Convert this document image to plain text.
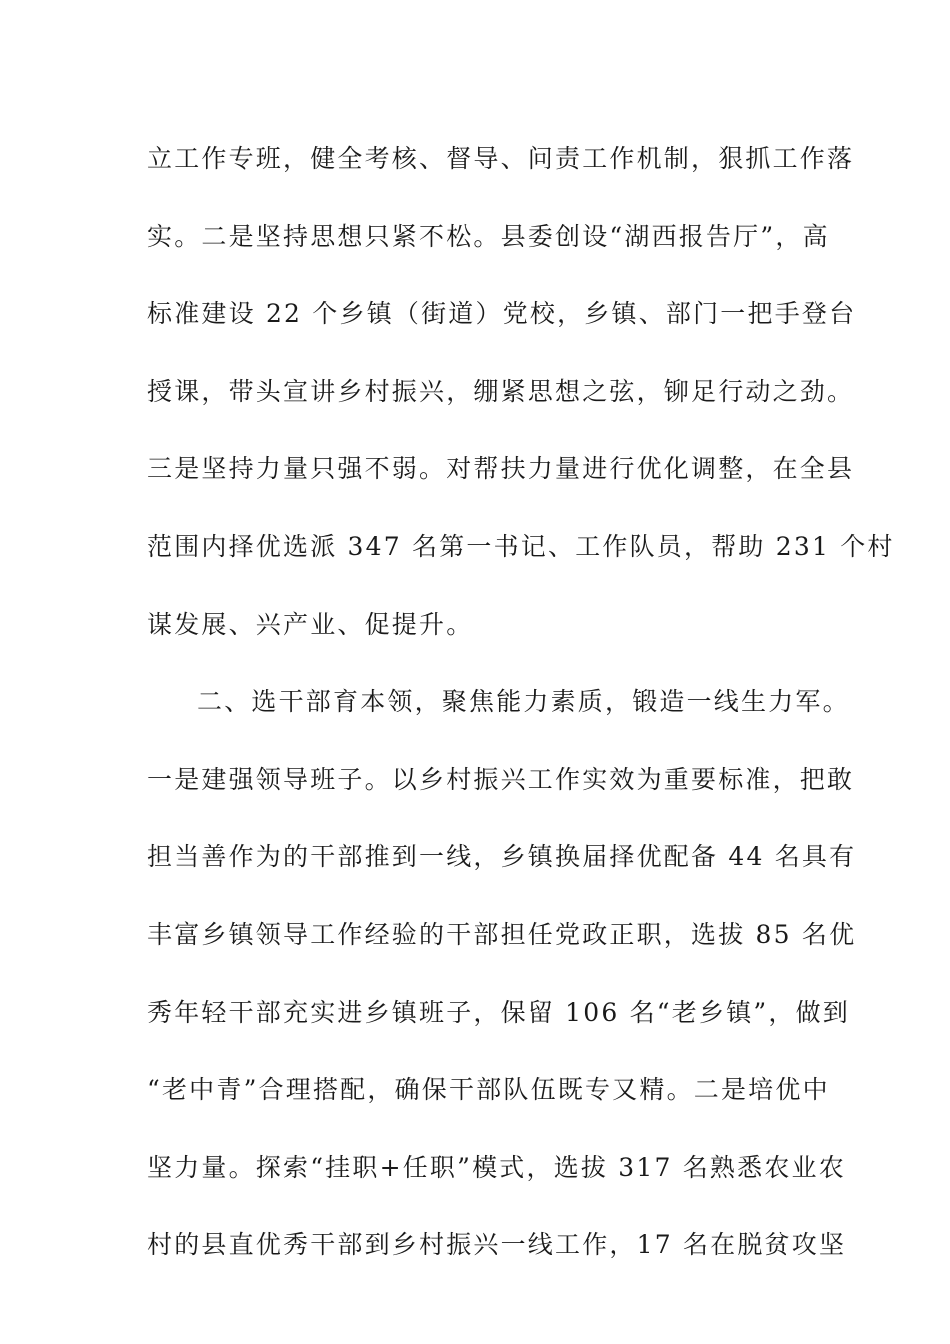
立工作专班，健全考核、督导、问责工作机制，狠抓工作落
实。二是坚持思想只紧不松。县委创设“湖西报告厅”，高
标准建设 22 个乡镇（街道）党校，乡镇、部门一把手登台
授课，带头宣讲乡村振兴，绷紧思想之弦，铆足行动之劲。
三是坚持力量只强不弱。对帮扶力量进行优化调整，在全县
范围内择优选派 347 名第一书记、工作队员，帮助 231 个村
谋发展、兴产业、促提升。
二、选干部育本领，聚焦能力素质，锻造一线生力军。
一是建强领导班子。以乡村振兴工作实效为重要标准，把敢
担当善作为的干部推到一线，乡镇换届择优配备 44 名具有
丰富乡镇领导工作经验的干部担任党政正职，选拔 85 名优
秀年轻干部充实进乡镇班子，保留 106 名“老乡镇”，做到
“老中青”合理搭配，确保干部队伍既专又精。二是培优中
坚力量。探索“挂职+任职”模式，选拔 317 名熟悉农业农
村的县直优秀干部到乡村振兴一线工作，17 名在脱贫攻坚
